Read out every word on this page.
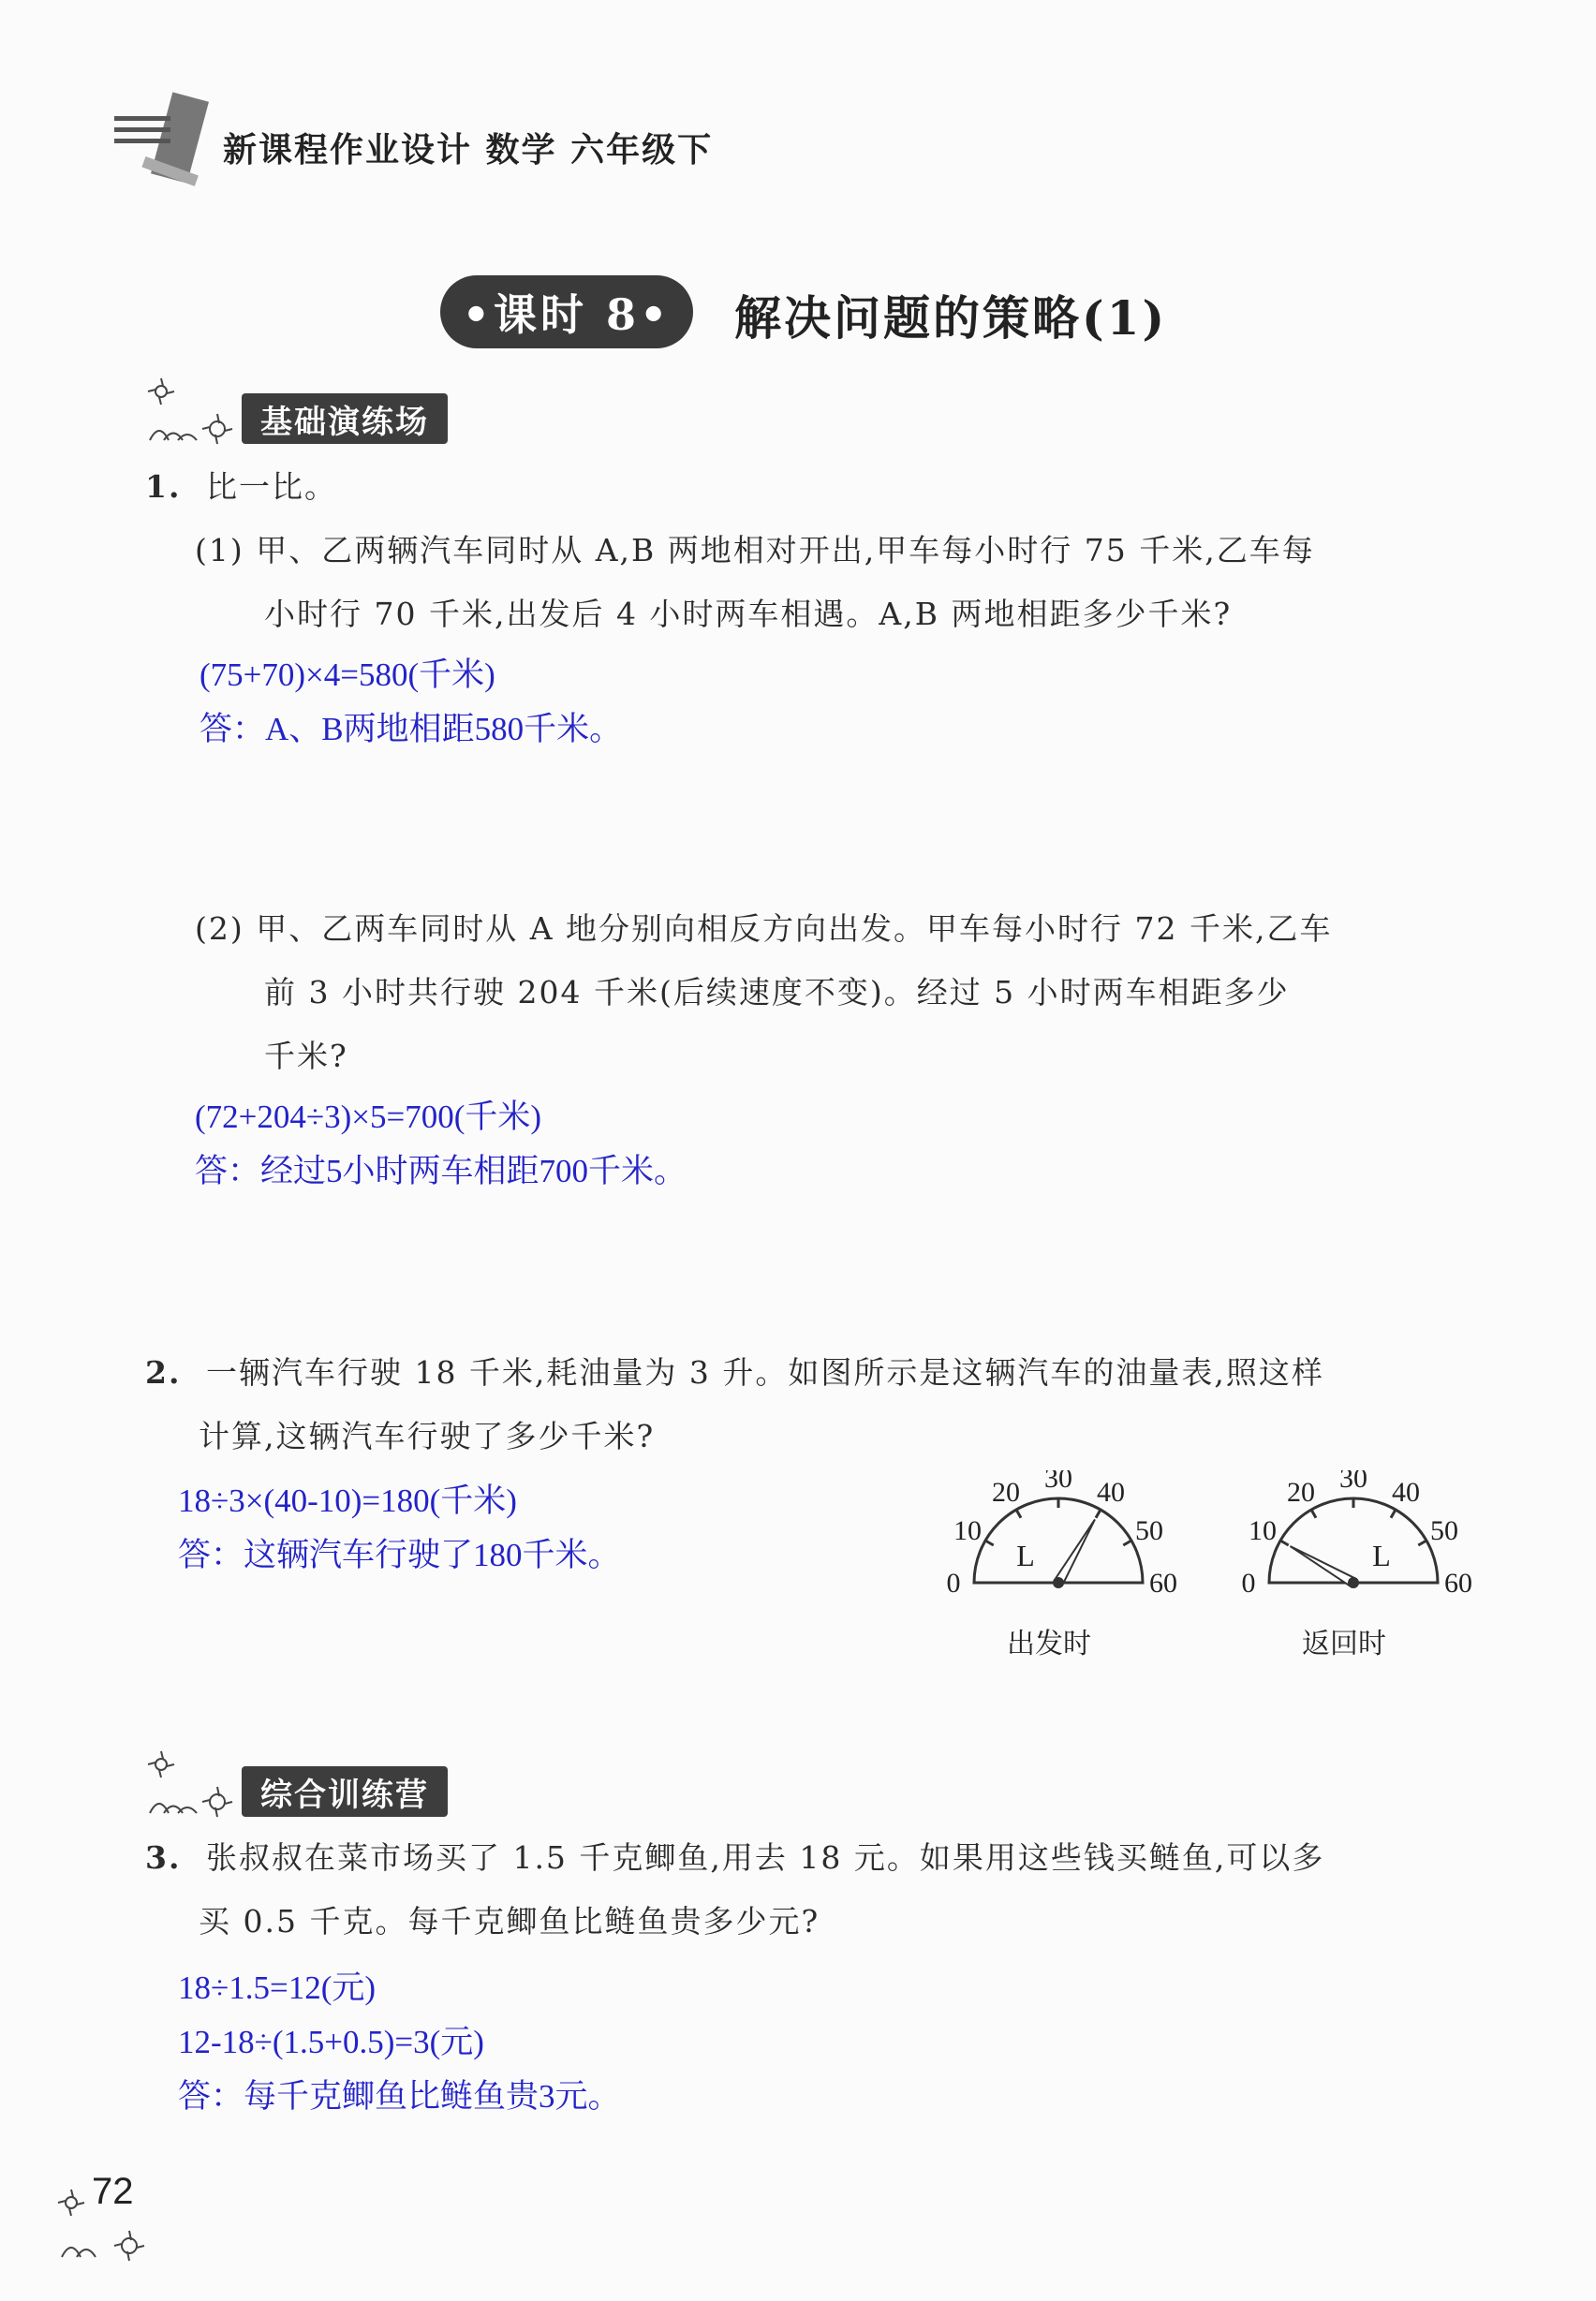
新课程作业设计 数学 六年级下
•课时 8•	解决问题的策略(1)
基础演练场
1. 比一比。
(1) 甲、乙两辆汽车同时从 A,B 两地相对开出,甲车每小时行 75 千米,乙车每
小时行 70 千米,出发后 4 小时两车相遇。A,B 两地相距多少千米?
(75+70)×4=580(千米)
答：A、B两地相距580千米。
(2) 甲、乙两车同时从 A 地分别向相反方向出发。甲车每小时行 72 千米,乙车
前 3 小时共行驶 204 千米(后续速度不变)。经过 5 小时两车相距多少
千米?
(72+204÷3)×5=700(千米)
答：经过5小时两车相距700千米。
2. 一辆汽车行驶 18 千米,耗油量为 3 升。如图所示是这辆汽车的油量表,照这样
计算,这辆汽车行驶了多少千米?
18÷3×(40-10)=180(千米)
答：这辆汽车行驶了180千米。
0
10
20 30 40
50
60
L
出发时
0
10
20 30 40
50
60
L
返回时
综合训练营
3. 张叔叔在菜市场买了 1.5 千克鲫鱼,用去 18 元。如果用这些钱买鲢鱼,可以多
买 0.5 千克。每千克鲫鱼比鲢鱼贵多少元?
18÷1.5=12(元)
12-18÷(1.5+0.5)=3(元)
答：每千克鲫鱼比鲢鱼贵3元。
72
